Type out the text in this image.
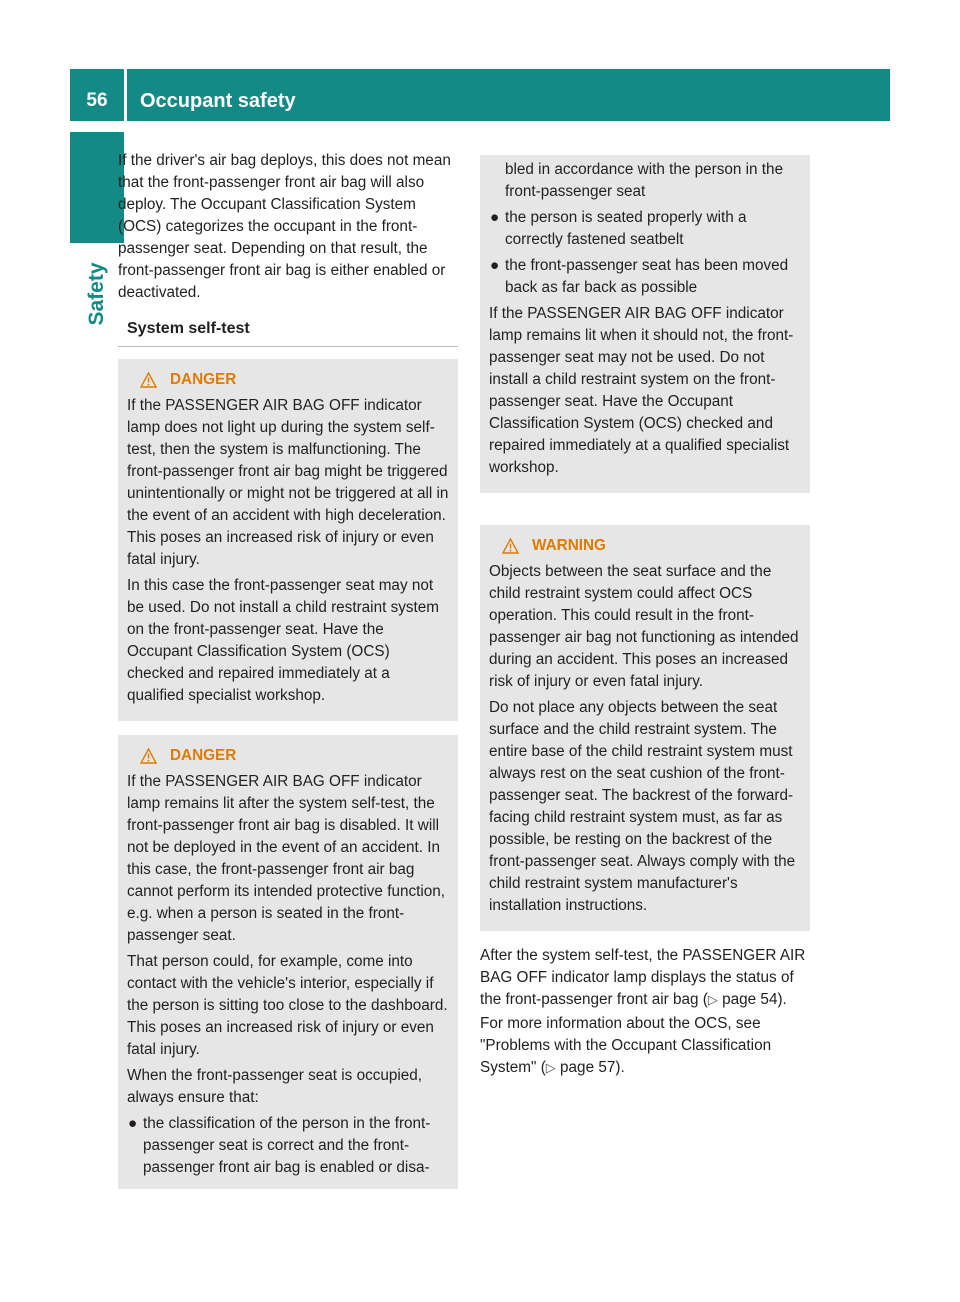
56	Occupant safety
Safety

If the driver's air bag deploys, this does not mean that the front-passenger front air bag will also deploy. The Occupant Classification System (OCS) categorizes the occupant in the front-passenger seat. Depending on that result, the front-passenger front air bag is either enabled or deactivated.

System self-test
DANGER

If the PASSENGER AIR BAG OFF indicator lamp does not light up during the system self-test, then the system is malfunctioning. The front-passenger front air bag might be triggered unintentionally or might not be triggered at all in the event of an accident with high deceleration. This poses an increased risk of injury or even fatal injury.

In this case the front-passenger seat may not be used. Do not install a child restraint system on the front-passenger seat. Have the Occupant Classification System (OCS) checked and repaired immediately at a qualified specialist workshop.

DANGER

If the PASSENGER AIR BAG OFF indicator lamp remains lit after the system self-test, the front-passenger front air bag is disabled. It will not be deployed in the event of an accident. In this case, the front-passenger front air bag cannot perform its intended protective function, e.g. when a person is seated in the front-passenger seat.

That person could, for example, come into contact with the vehicle's interior, especially if the person is sitting too close to the dashboard. This poses an increased risk of injury or even fatal injury.

When the front-passenger seat is occupied, always ensure that:

● the classification of the person in the front-passenger seat is correct and the front-passenger front air bag is enabled or disa-
bled in accordance with the person in the front-passenger seat
● the person is seated properly with a correctly fastened seatbelt
● the front-passenger seat has been moved back as far back as possible

If the PASSENGER AIR BAG OFF indicator lamp remains lit when it should not, the front-passenger seat may not be used. Do not install a child restraint system on the front-passenger seat. Have the Occupant Classification System (OCS) checked and repaired immediately at a qualified specialist workshop.

WARNING

Objects between the seat surface and the child restraint system could affect OCS operation. This could result in the front-passenger air bag not functioning as intended during an accident. This poses an increased risk of injury or even fatal injury.

Do not place any objects between the seat surface and the child restraint system. The entire base of the child restraint system must always rest on the seat cushion of the front-passenger seat. The backrest of the forward-facing child restraint system must, as far as possible, be resting on the backrest of the front-passenger seat. Always comply with the child restraint system manufacturer's installation instructions.

After the system self-test, the PASSENGER AIR BAG OFF indicator lamp displays the status of the front-passenger front air bag (▷ page 54).

For more information about the OCS, see "Problems with the Occupant Classification System" (▷ page 57).
